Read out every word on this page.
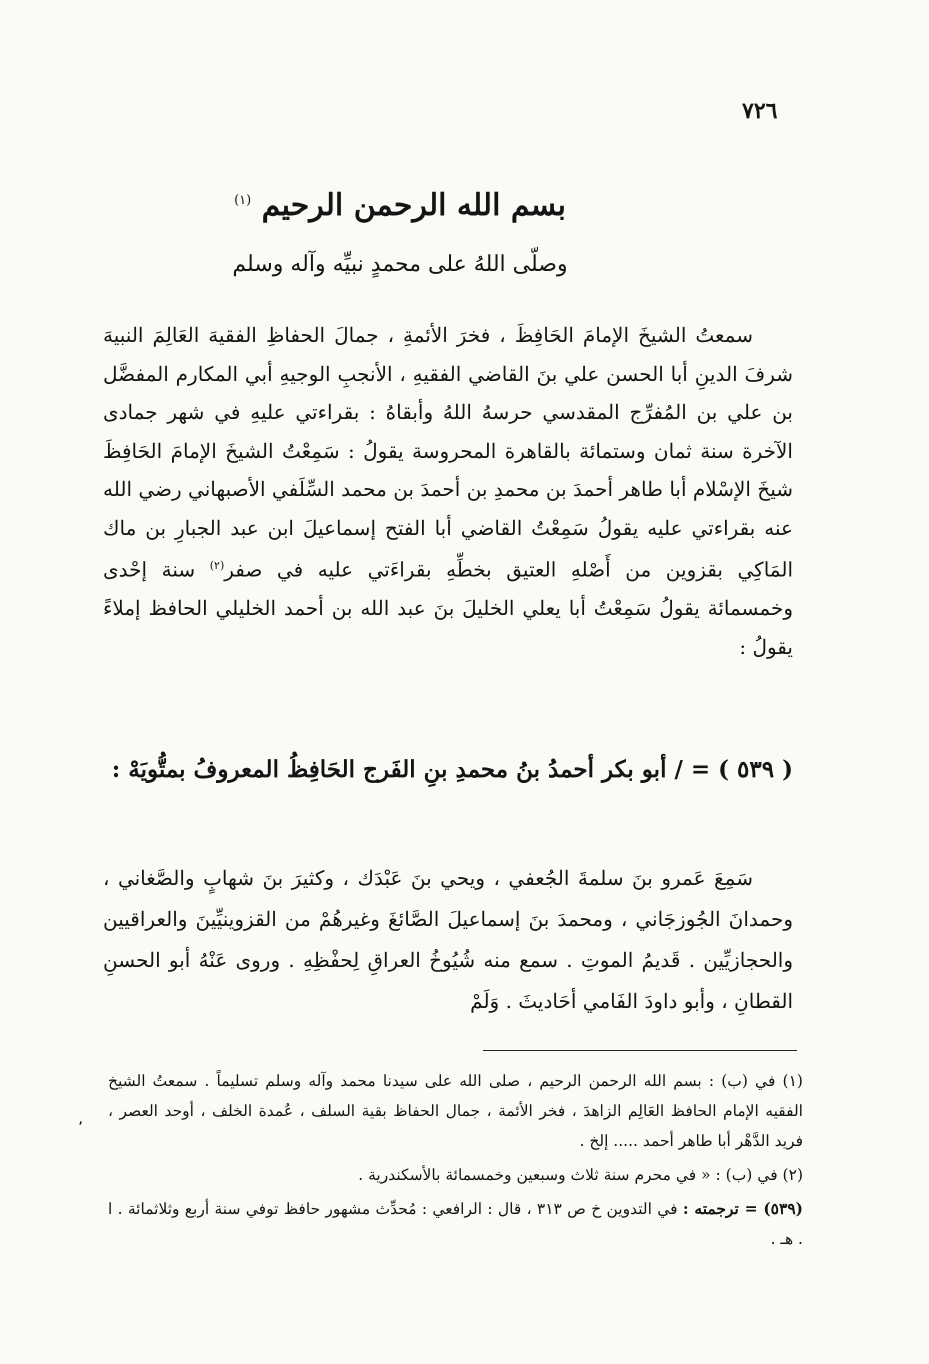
٧٢٦
بسم الله الرحمن الرحيم $^{(١)}$
وصلّى اللهُ على محمدٍ نبيِّه وآله وسلم

سمعتُ الشيخَ الإمامَ الحَافِظَ ، فخرَ الأئمةِ ، جمالَ الحفاظِ الفقيهَ العَالِمَ النبيهَ شرفَ الدينِ أبا الحسن علي بنَ القاضي الفقيهِ ، الأنجبِ الوجيهِ أبي المكارم المفضَّل بن علي بن المُفرِّج المقدسي حرسهُ اللهُ وأبقاهُ : بقراءتي عليهِ في شهر جمادى الآخرة سنة ثمان وستمائة بالقاهرة المحروسة يقولُ : سَمِعْتُ الشيخَ الإمامَ الحَافِظَ شيخَ الإسْلام أبا طاهر أحمدَ بن محمدِ بن أحمدَ بن محمد السِّلَفي الأصبهاني رضي الله عنه بقراءتي عليه يقولُ سَمِعْتُ القاضي أبا الفتح إسماعيلَ ابن عبد الجبارِ بن ماك المَاكِي بقزوين من أَصْلهِ العتيق بخطِّهِ بقراءَتي عليه في صفر$^{(٢)}$ سنة إحْدى وخمسمائة يقولُ سَمِعْتُ أبا يعلي الخليلَ بنَ عبد الله بن أحمد الخليلي الحافظ إملاءً يقولُ :

( ٥٣٩ ) = / أبو بكر أحمدُ بنُ محمدِ بنِ الفَرج الحَافِظُ المعروفُ بمتُّويَهْ :

سَمِعَ عَمرو بنَ سلمةَ الجُعفي ، ويحي بنَ عَبْدَك ، وكثيرَ بنَ شهابٍ والصَّغاني ، وحمدانَ الجُوزجَاني ، ومحمدَ بنَ إسماعيلَ الصَّائغَ وغيرهُمْ من القزوينيِّينَ والعراقيين والحجازيِّين . قَديمُ الموتِ . سمع منه شُيُوخُ العراقِ لِحفْظِهِ . وروى عَنْهُ أبو الحسنِ القطانِ ، وأبو داودَ الفَامي أحَاديثَ . وَلَمْ

٬

(١) في (ب) : بسم الله الرحمن الرحيم ، صلى الله على سيدنا محمد وآله وسلم تسليماً . سمعتُ الشيخ الفقيه الإمام الحافظ العَالِم الزاهدَ ، فخر الأئمة ، جمال الحفاظ بقية السلف ، عُمدة الخلف ، أوحد العصر ، فريد الدَّهْر أبا طاهر أحمد ..... إلخ .

(٢) في (ب) : « في محرم سنة ثلاث وسبعين وخمسمائة بالأسكندرية .

(٥٣٩) = ترجمته : في التدوين خ ص ٣١٣ ، قال : الرافعي : مُحدِّث مشهور حافظ توفي سنة أربع وثلاثمائة . ا . هـ .
